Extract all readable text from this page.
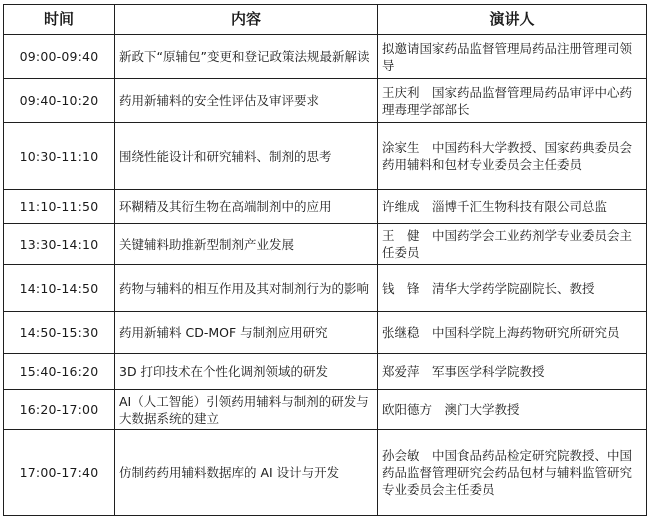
时间	内容	演讲人
09:00-09:40	新政下“原辅包”变更和登记政策法规最新解读	拟邀请国家药品监督管理局药品注册管理司领导
09:40-10:20	药用新辅料的安全性评估及审评要求	王庆利　国家药品监督管理局药品审评中心药理毒理学部部长
10:30-11:10	围绕性能设计和研究辅料、制剂的思考	涂家生　中国药科大学教授、国家药典委员会药用辅料和包材专业委员会主任委员
11:10-11:50	环糊精及其衍生物在高端制剂中的应用	许维成　淄博千汇生物科技有限公司总监
13:30-14:10	关键辅料助推新型制剂产业发展	王　健　中国药学会工业药剂学专业委员会主任委员
14:10-14:50	药物与辅料的相互作用及其对制剂行为的影响	钱　锋　清华大学药学院副院长、教授
14:50-15:30	药用新辅料 CD-MOF 与制剂应用研究	张继稳　中国科学院上海药物研究所研究员
15:40-16:20	3D 打印技术在个性化调剂领域的研发	郑爱萍　军事医学科学院教授
16:20-17:00	AI（人工智能）引领药用辅料与制剂的研发与大数据系统的建立	欧阳德方　澳门大学教授
17:00-17:40	仿制药药用辅料数据库的 AI 设计与开发	孙会敏　中国食品药品检定研究院教授、中国药品监督管理研究会药品包材与辅料监管研究专业委员会主任委员
